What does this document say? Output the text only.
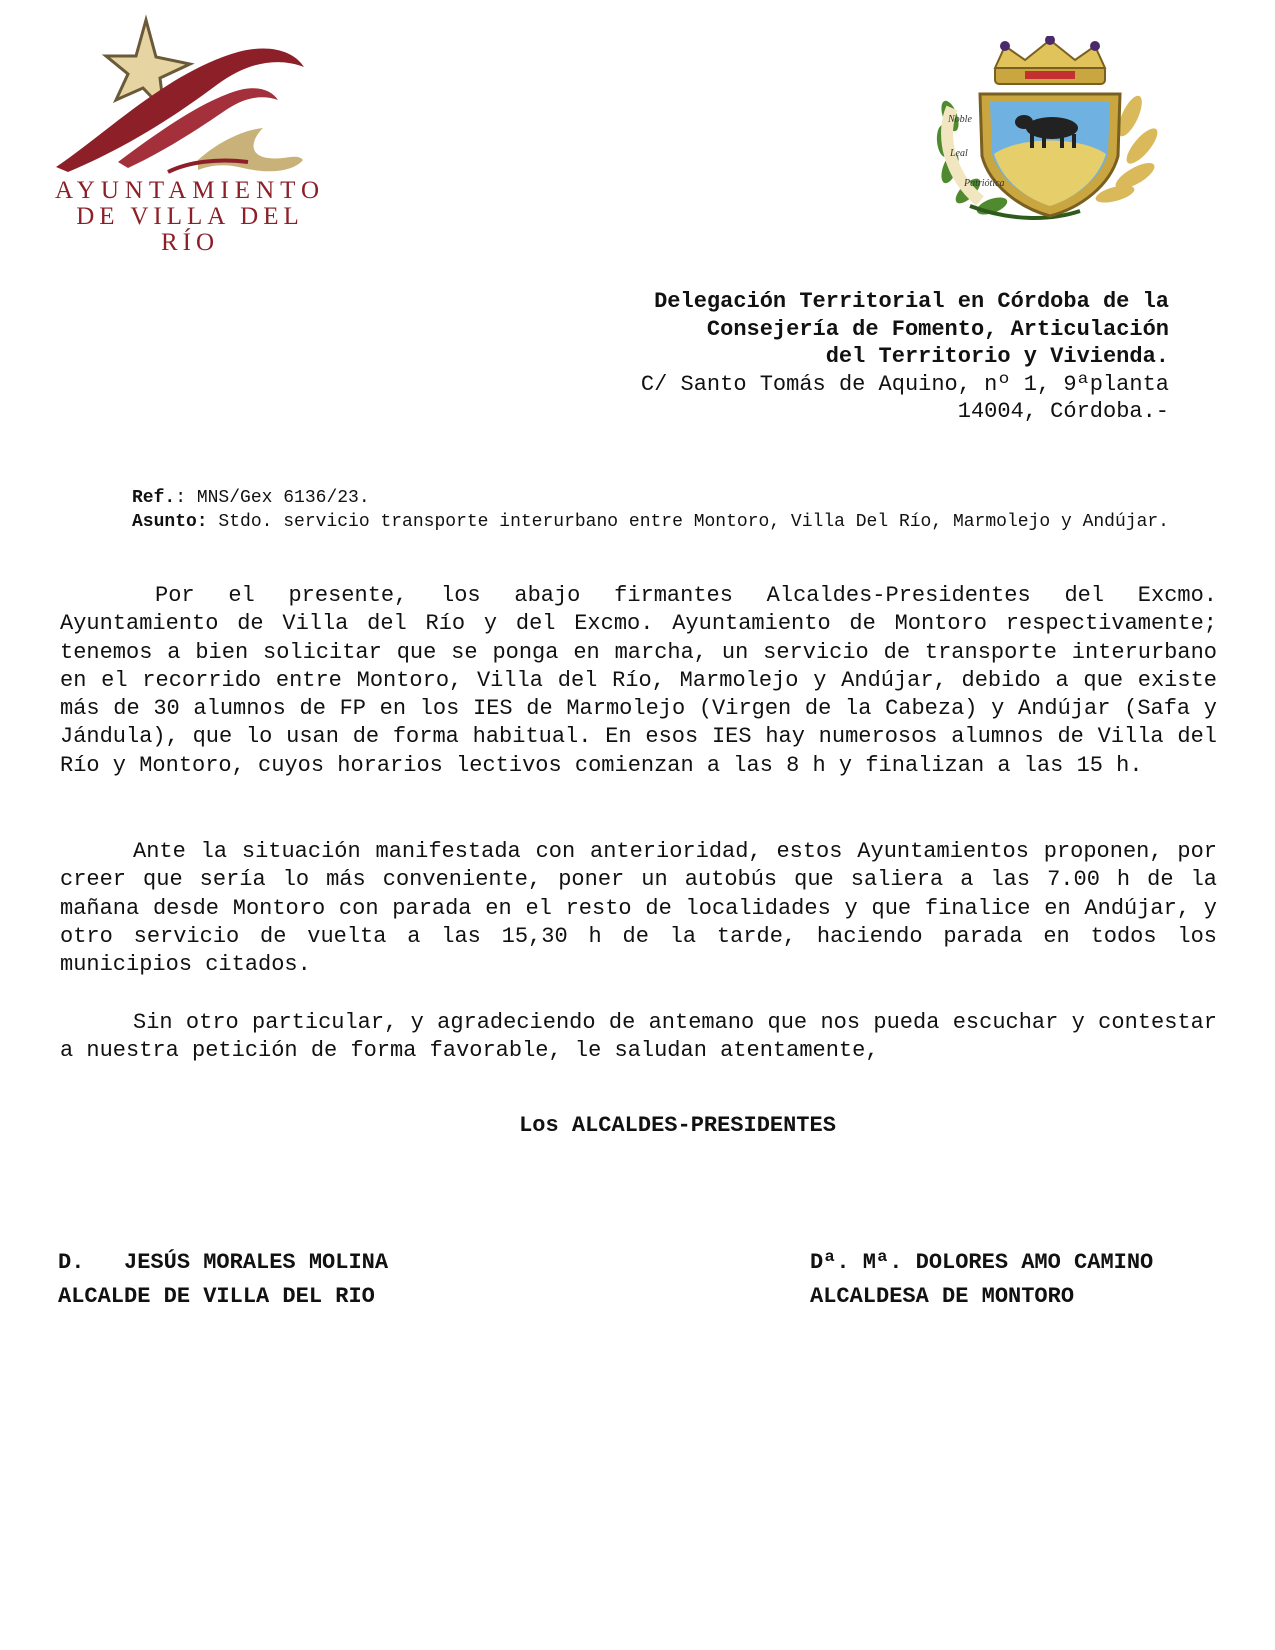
AYUNTAMIENTO
DE VILLA DEL RÍO
Noble
Leal
Patriótica
Delegación Territorial en Córdoba de la
Consejería de Fomento, Articulación
del Territorio y Vivienda.
C/ Santo Tomás de Aquino, nº 1, 9ªplanta
14004, Córdoba.-
Ref.: MNS/Gex 6136/23.
Asunto: Stdo. servicio transporte interurbano entre Montoro, Villa Del Río, Marmolejo y Andújar.
Por el presente, los abajo firmantes Alcaldes-Presidentes del Excmo. Ayuntamiento de Villa del Río y del Excmo. Ayuntamiento de Montoro respectivamente; tenemos a bien solicitar que se ponga en marcha, un servicio de transporte interurbano en el recorrido entre Montoro, Villa del Río, Marmolejo y Andújar, debido a que existe más de 30 alumnos de FP en los IES de Marmolejo (Virgen de la Cabeza) y Andújar (Safa y Jándula), que lo usan de forma habitual. En esos IES hay numerosos alumnos de Villa del Río y Montoro, cuyos horarios lectivos comienzan a las 8 h y finalizan a las 15 h.
Ante la situación manifestada con anterioridad, estos Ayuntamientos proponen, por creer que sería lo más conveniente, poner un autobús que saliera a las 7.00 h de la mañana desde Montoro con parada en el resto de localidades y que finalice en Andújar, y otro servicio de vuelta a las 15,30 h de la tarde, haciendo parada en todos los municipios citados.
Sin otro particular, y agradeciendo de antemano que nos pueda escuchar y contestar a nuestra petición de forma favorable, le saludan atentamente,
Los ALCALDES-PRESIDENTES
D.   JESÚS MORALES MOLINA
ALCALDE DE VILLA DEL RIO
Dª. Mª. DOLORES AMO CAMINO
ALCALDESA DE MONTORO
